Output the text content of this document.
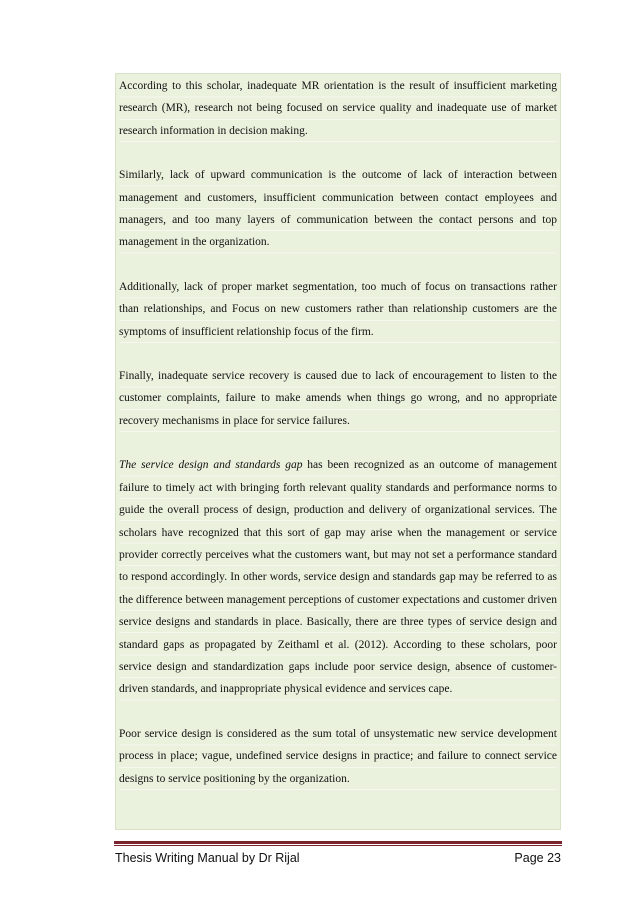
According to this scholar, inadequate MR orientation is the result of insufficient marketing research (MR), research not being focused on service quality and inadequate use of market research information in decision making.

Similarly, lack of upward communication is the outcome of lack of interaction between management and customers, insufficient communication between contact employees and managers, and too many layers of communication between the contact persons and top management in the organization.

Additionally, lack of proper market segmentation, too much of focus on transactions rather than relationships, and Focus on new customers rather than relationship customers are the symptoms of insufficient relationship focus of the firm.

Finally, inadequate service recovery is caused due to lack of encouragement to listen to the customer complaints, failure to make amends when things go wrong, and no appropriate recovery mechanisms in place for service failures.

The service design and standards gap has been recognized as an outcome of management failure to timely act with bringing forth relevant quality standards and performance norms to guide the overall process of design, production and delivery of organizational services. The scholars have recognized that this sort of gap may arise when the management or service provider correctly perceives what the customers want, but may not set a performance standard to respond accordingly. In other words, service design and standards gap may be referred to as the difference between management perceptions of customer expectations and customer driven service designs and standards in place. Basically, there are three types of service design and standard gaps as propagated by Zeithaml et al. (2012). According to these scholars, poor service design and standardization gaps include poor service design, absence of customer-driven standards, and inappropriate physical evidence and services cape.

Poor service design is considered as the sum total of unsystematic new service development process in place; vague, undefined service designs in practice; and failure to connect service designs to service positioning by the organization.

Thesis Writing Manual by Dr Rijal	Page 23
